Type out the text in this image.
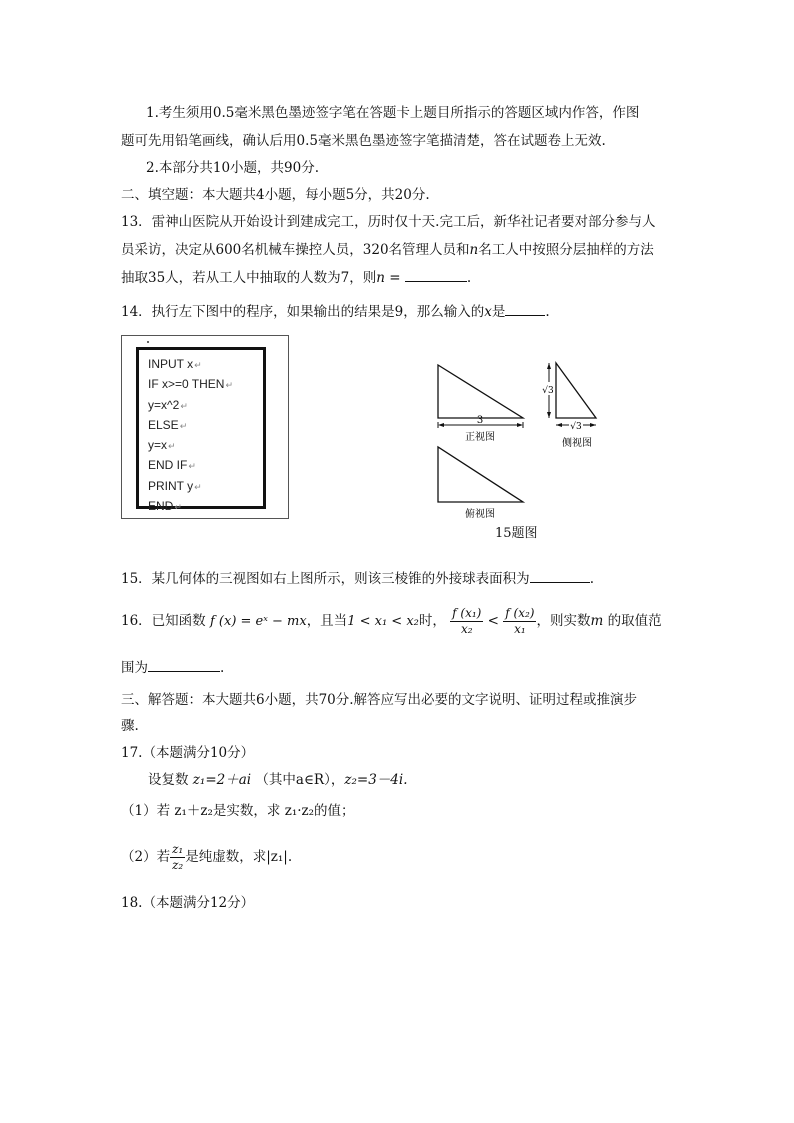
1.考生须用0.5毫米黑色墨迹签字笔在答题卡上题目所指示的答题区域内作答，作图
题可先用铅笔画线，确认后用0.5毫米黑色墨迹签字笔描清楚，答在试题卷上无效.
2.本部分共10小题，共90分.
二、填空题：本大题共4小题，每小题5分，共20分.
13．雷神山医院从开始设计到建成完工，历时仅十天.完工后，新华社记者要对部分参与人
员采访，决定从600名机械车操控人员，320名管理人员和n名工人中按照分层抽样的方法
抽取35人，若从工人中抽取的人数为7，则n =	.
14．执行左下图中的程序，如果输出的结果是9，那么输入的x是	.
INPUT x↵
IF x>=0 THEN↵
y=x^2↵
ELSE↵
y=x↵
END IF↵
PRINT y↵
END↵
3
正视图
√3
√3
侧视图
俯视图
15题图
15．某几何体的三视图如右上图所示，则该三棱锥的外接球表面积为	.
16．已知函数 f (x) = eˣ − mx，且当1 < x₁ < x₂时， $\frac{\text{f (x₁)}}{\text{x₂}} < \frac{\text{f (x₂)}}{\text{x₁}}$ ，则实数m 的取值范
围为	.
三、解答题：本大题共6小题，共70分.解答应写出必要的文字说明、证明过程或推演步
骤.
17.（本题满分10分）
设复数 z₁=2＋ai （其中a∈R），z₂=3－4i.
（1）若 z₁＋z₂是实数，求 z₁·z₂的值；
（2）若 $\frac{\text{z₁}}{\text{z₂}}$ 是纯虚数，求|z₁|.
18.（本题满分12分）
